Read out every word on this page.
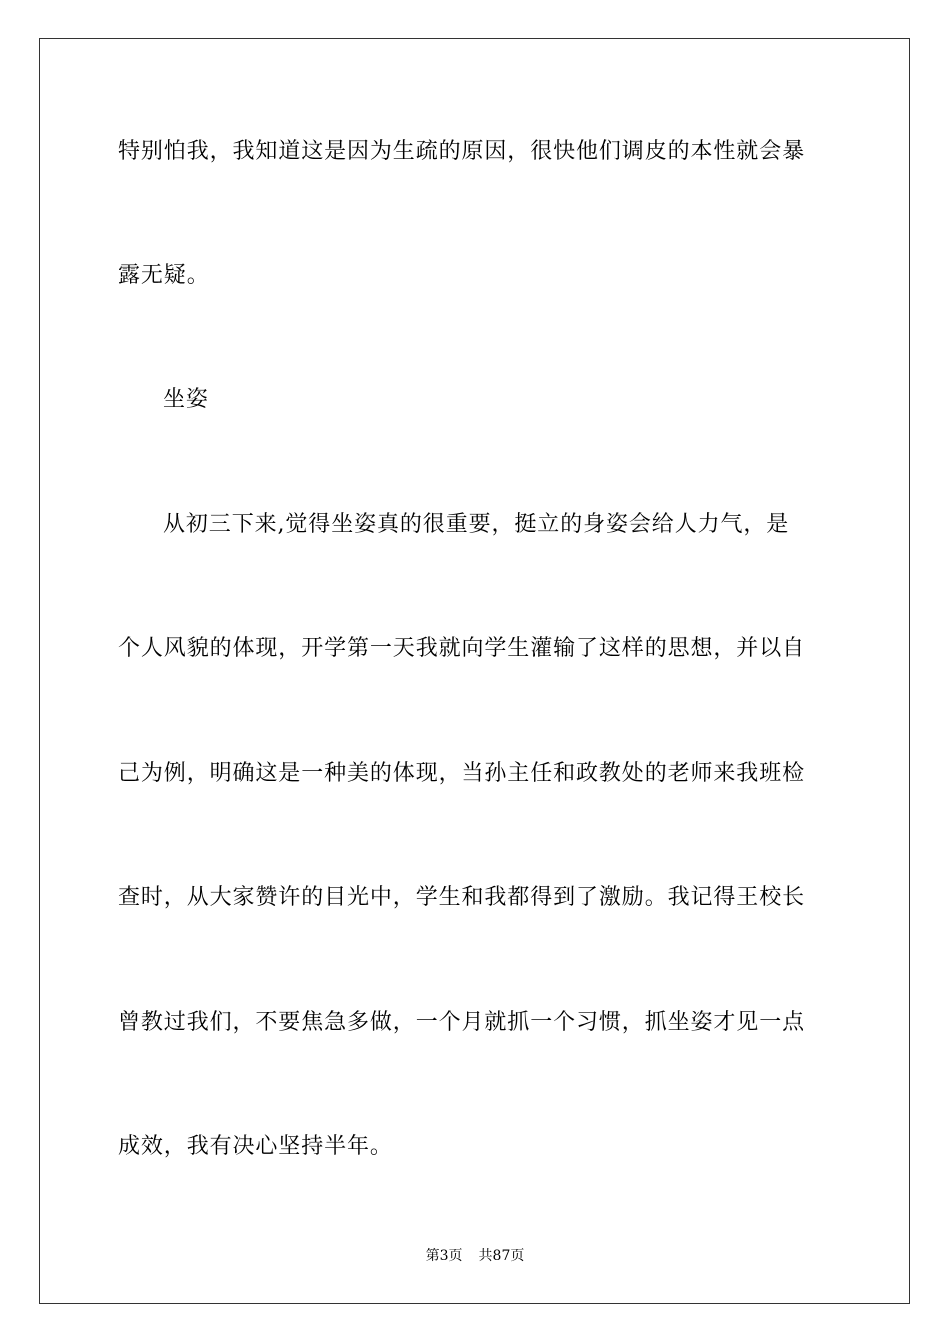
特别怕我，我知道这是因为生疏的原因，很快他们调皮的本性就会暴
露无疑。
坐姿
从初三下来,觉得坐姿真的很重要，挺立的身姿会给人力气，是
个人风貌的体现，开学第一天我就向学生灌输了这样的思想，并以自
己为例，明确这是一种美的体现，当孙主任和政教处的老师来我班检
查时，从大家赞许的目光中，学生和我都得到了激励。我记得王校长
曾教过我们，不要焦急多做，一个月就抓一个习惯，抓坐姿才见一点
成效，我有决心坚持半年。
第3页 共87页
